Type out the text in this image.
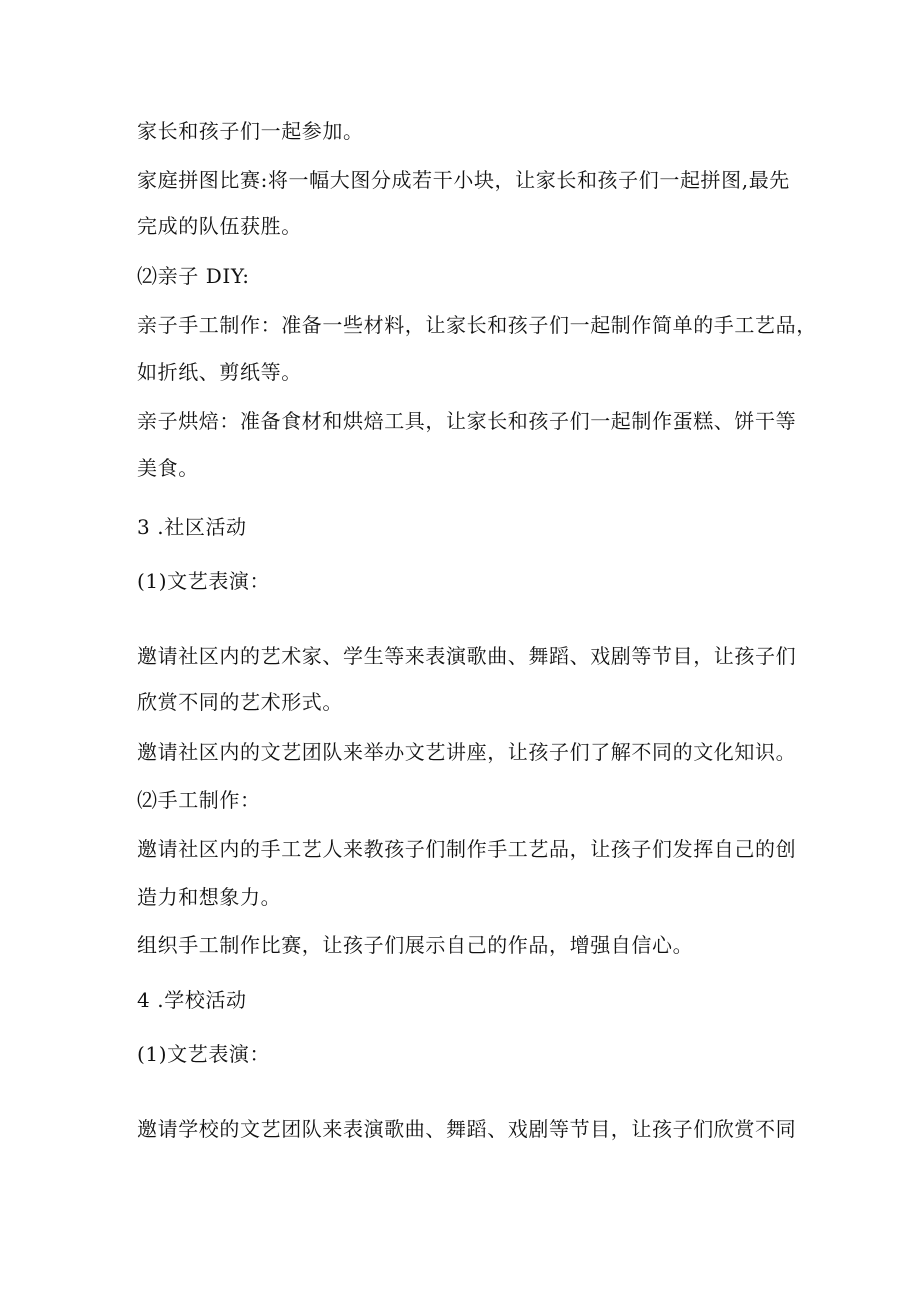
家长和孩子们一起参加。
家庭拼图比赛:将一幅大图分成若干小块，让家长和孩子们一起拼图,最先
完成的队伍获胜。
⑵亲子 DIY:
亲子手工制作：准备一些材料，让家长和孩子们一起制作简单的手工艺品，
如折纸、剪纸等。
亲子烘焙：准备食材和烘焙工具，让家长和孩子们一起制作蛋糕、饼干等
美食。
3 .社区活动
(1)文艺表演：
邀请社区内的艺术家、学生等来表演歌曲、舞蹈、戏剧等节目，让孩子们
欣赏不同的艺术形式。
邀请社区内的文艺团队来举办文艺讲座，让孩子们了解不同的文化知识。
⑵手工制作：
邀请社区内的手工艺人来教孩子们制作手工艺品，让孩子们发挥自己的创
造力和想象力。
组织手工制作比赛，让孩子们展示自己的作品，增强自信心。
4 .学校活动
(1)文艺表演：
邀请学校的文艺团队来表演歌曲、舞蹈、戏剧等节目，让孩子们欣赏不同
